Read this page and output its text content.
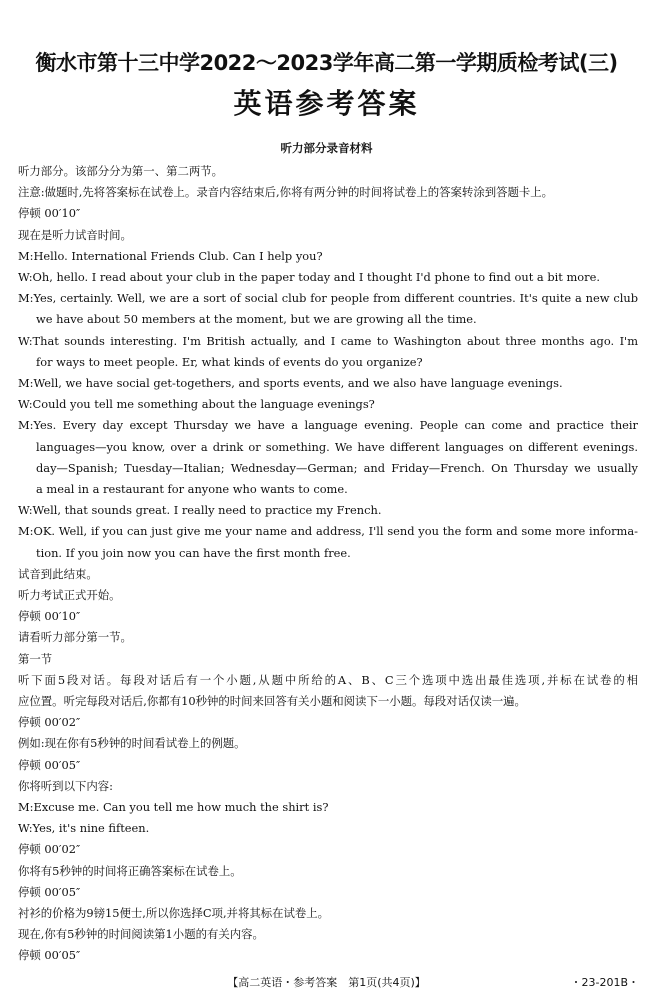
衡水市第十三中学2022～2023学年高二第一学期质检考试(三)
英语参考答案
听力部分录音材料
听力部分。该部分分为第一、第二两节。
注意:做题时,先将答案标在试卷上。录音内容结束后,你将有两分钟的时间将试卷上的答案转涂到答题卡上。
停顿 00′10″
现在是听力试音时间。
M:Hello. International Friends Club. Can I help you?
W:Oh, hello. I read about your club in the paper today and I thought I'd phone to find out a bit more.
M:Yes, certainly. Well, we are a sort of social club for people from different countries. It's quite a new club
we have about 50 members at the moment, but we are growing all the time.
W:That sounds interesting. I'm British actually, and I came to Washington about three months ago. I'm
for ways to meet people. Er, what kinds of events do you organize?
M:Well, we have social get-togethers, and sports events, and we also have language evenings.
W:Could you tell me something about the language evenings?
M:Yes. Every day except Thursday we have a language evening. People can come and practice their
languages—you know, over a drink or something. We have different languages on different evenings.
day—Spanish; Tuesday—Italian; Wednesday—German; and Friday—French. On Thursday we usually
a meal in a restaurant for anyone who wants to come.
W:Well, that sounds great. I really need to practice my French.
M:OK. Well, if you can just give me your name and address, I'll send you the form and some more informa-
tion. If you join now you can have the first month free.
试音到此结束。
听力考试正式开始。
停顿 00′10″
请看听力部分第一节。
第一节
听下面5段对话。每段对话后有一个小题,从题中所给的A、B、C三个选项中选出最佳选项,并标在试卷的相
应位置。听完每段对话后,你都有10秒钟的时间来回答有关小题和阅读下一小题。每段对话仅读一遍。
停顿 00′02″
例如:现在你有5秒钟的时间看试卷上的例题。
停顿 00′05″
你将听到以下内容:
M:Excuse me. Can you tell me how much the shirt is?
W:Yes, it's nine fifteen.
停顿 00′02″
你将有5秒钟的时间将正确答案标在试卷上。
停顿 00′05″
衬衫的价格为9镑15便士,所以你选择C项,并将其标在试卷上。
现在,你有5秒钟的时间阅读第1小题的有关内容。
停顿 00′05″
【高二英语・参考答案　第1页(共4页)】	・23-201B・
